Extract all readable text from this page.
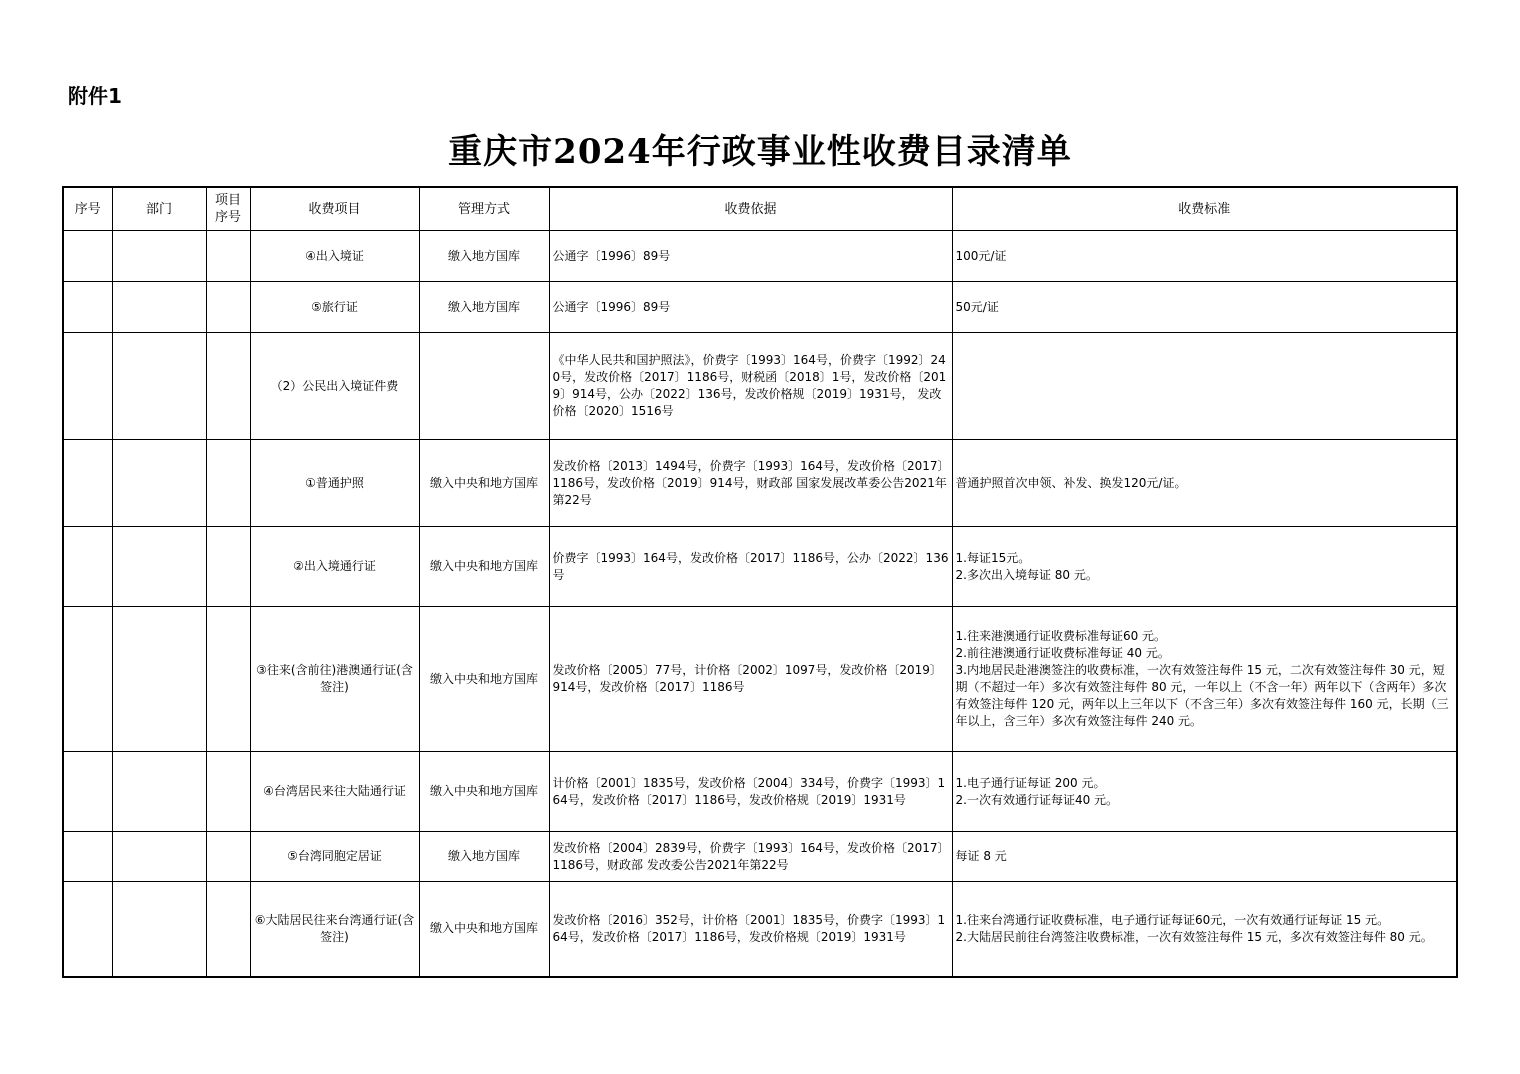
附件1
重庆市2024年行政事业性收费目录清单
序号	部门	项目序号	收费项目	管理方式	收费依据	收费标准
			④出入境证	缴入地方国库	公通字〔1996〕89号	100元/证
			⑤旅行证	缴入地方国库	公通字〔1996〕89号	50元/证
			（2）公民出入境证件费		《中华人民共和国护照法》，价费字〔1993〕164号，价费字〔1992〕240号，发改价格〔2017〕1186号，财税函〔2018〕1号，发改价格〔2019〕914号，公办〔2022〕136号，发改价格规〔2019〕1931号， 发改价格〔2020〕1516号	
			①普通护照	缴入中央和地方国库	发改价格〔2013〕1494号，价费字〔1993〕164号，发改价格〔2017〕1186号，发改价格〔2019〕914号，财政部 国家发展改革委公告2021年第22号	普通护照首次申领、补发、换发120元/证。
			②出入境通行证	缴入中央和地方国库	价费字〔1993〕164号，发改价格〔2017〕1186号，公办〔2022〕136号	1.每证15元。
2.多次出入境每证 80 元。
			③往来(含前往)港澳通行证(含签注)	缴入中央和地方国库	发改价格〔2005〕77号，计价格〔2002〕1097号，发改价格〔2019〕914号，发改价格〔2017〕1186号	1.往来港澳通行证收费标准每证60 元。
2.前往港澳通行证收费标准每证 40 元。
3.内地居民赴港澳签注的收费标准，一次有效签注每件 15 元，二次有效签注每件 30 元，短期（不超过一年）多次有效签注每件 80 元，一年以上（不含一年）两年以下（含两年）多次有效签注每件 120 元，两年以上三年以下（不含三年）多次有效签注每件 160 元，长期（三年以上，含三年）多次有效签注每件 240 元。
			④台湾居民来往大陆通行证	缴入中央和地方国库	计价格〔2001〕1835号，发改价格〔2004〕334号，价费字〔1993〕164号，发改价格〔2017〕1186号，发改价格规〔2019〕1931号	1.电子通行证每证 200 元。
2.一次有效通行证每证40 元。
			⑤台湾同胞定居证	缴入地方国库	发改价格〔2004〕2839号，价费字〔1993〕164号，发改价格〔2017〕1186号，财政部 发改委公告2021年第22号	每证 8 元
			⑥大陆居民往来台湾通行证(含签注)	缴入中央和地方国库	发改价格〔2016〕352号，计价格〔2001〕1835号，价费字〔1993〕164号，发改价格〔2017〕1186号，发改价格规〔2019〕1931号	1.往来台湾通行证收费标准，电子通行证每证60元，一次有效通行证每证 15 元。
2.大陆居民前往台湾签注收费标准，一次有效签注每件 15 元，多次有效签注每件 80 元。
